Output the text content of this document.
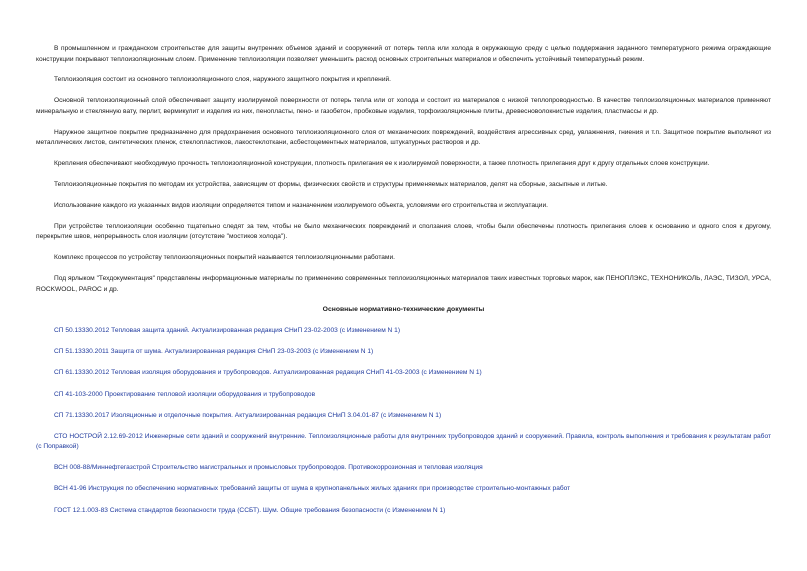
В промышленном и гражданском строительстве для защиты внутренних объемов зданий и сооружений от потерь тепла или холода в окружающую среду с целью поддержания заданного температурного режима ограждающие конструкции покрывают теплоизоляционным слоем. Применение теплоизоляции позволяет уменьшить расход основных строительных материалов и обеспечить устойчивый температурный режим.

Теплоизоляция состоит из основного теплоизоляционного слоя, наружного защитного покрытия и креплений.

Основной теплоизоляционный слой обеспечивает защиту изолируемой поверхности от потерь тепла или от холода и состоит из материалов с низкой теплопроводностью. В качестве теплоизоляционных материалов применяют минеральную и стеклянную вату, перлит, вермикулит и изделия из них, пенопласты, пено- и газобетон, пробковые изделия, торфоизоляционные плиты, древесноволокнистые изделия, пластмассы и др.

Наружное защитное покрытие предназначено для предохранения основного теплоизоляционного слоя от механических повреждений, воздействия агрессивных сред, увлажнения, гниения и т.п. Защитное покрытие выполняют из металлических листов, синтетических пленок, стеклопластиков, лакостеклоткани, асбестоцементных материалов, штукатурных растворов и др.

Крепления обеспечивают необходимую прочность теплоизоляционной конструкции, плотность прилегания ее к изолируемой поверхности, а также плотность прилегания друг к другу отдельных слоев конструкции.

Теплоизоляционные покрытия по методам их устройства, зависящим от формы, физических свойств и структуры применяемых материалов, делят на сборные, засыпные и литые.

Использование каждого из указанных видов изоляции определяется типом и назначением изолируемого объекта, условиями его строительства и эксплуатации.

При устройстве теплоизоляции особенно тщательно следят за тем, чтобы не было механических повреждений и сползания слоев, чтобы были обеспечены плотность прилегания слоев к основанию и одного слоя к другому, перекрытие швов, непрерывность слоя изоляции (отсутствие "мостиков холода").

Комплекс процессов по устройству теплоизоляционных покрытий называется теплоизоляционными работами.

Под ярлыком "Техдокументация" представлены информационные материалы по применению современных теплоизоляционных материалов таких известных торговых марок, как ПЕНОПЛЭКС, ТЕХНОНИКОЛЬ, ЛАЭС, ТИЗОЛ, УРСА, ROCKWOOL, PAROC и др.

Основные нормативно-технические документы
СП 50.13330.2012 Тепловая защита зданий. Актуализированная редакция СНиП 23-02-2003 (с Изменением N 1)
СП 51.13330.2011 Защита от шума. Актуализированная редакция СНиП 23-03-2003 (с Изменением N 1)
СП 61.13330.2012 Тепловая изоляция оборудования и трубопроводов. Актуализированная редакция СНиП 41-03-2003 (с Изменением N 1)
СП 41-103-2000 Проектирование тепловой изоляции оборудования и трубопроводов
СП 71.13330.2017 Изоляционные и отделочные покрытия. Актуализированная редакция СНиП 3.04.01-87 (с Изменением N 1)
СТО НОСТРОЙ 2.12.69-2012 Инженерные сети зданий и сооружений внутренние. Теплоизоляционные работы для внутренних трубопроводов зданий и сооружений. Правила, контроль выполнения и требования к результатам работ (с Поправкой)
ВСН 008-88/Миннефтегазстрой Строительство магистральных и промысловых трубопроводов. Противокоррозионная и тепловая изоляция
ВСН 41-96 Инструкция по обеспечению нормативных требований защиты от шума в крупнопанельных жилых зданиях при производстве строительно-монтажных работ
ГОСТ 12.1.003-83 Система стандартов безопасности труда (ССБТ). Шум. Общие требования безопасности (с Изменением N 1)
